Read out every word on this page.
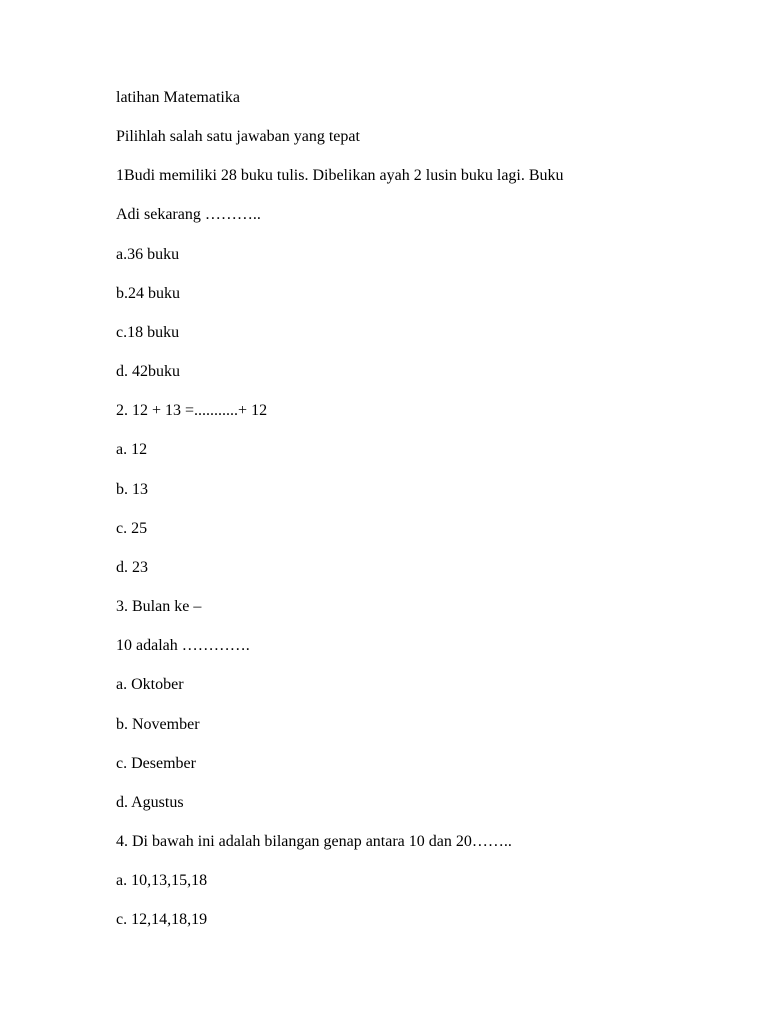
latihan Matematika

Pilihlah salah satu jawaban yang tepat

1Budi memiliki 28 buku tulis. Dibelikan ayah 2 lusin buku lagi. Buku

Adi sekarang ………..

a.36 buku

b.24 buku

c.18 buku

d. 42buku

2. 12 + 13 =...........+ 12

a. 12

b. 13

c. 25

d. 23

3. Bulan ke –

10 adalah ………….

a. Oktober

b. November

c. Desember

d. Agustus

4. Di bawah ini adalah bilangan genap antara 10 dan 20……..

a. 10,13,15,18

c. 12,14,18,19
